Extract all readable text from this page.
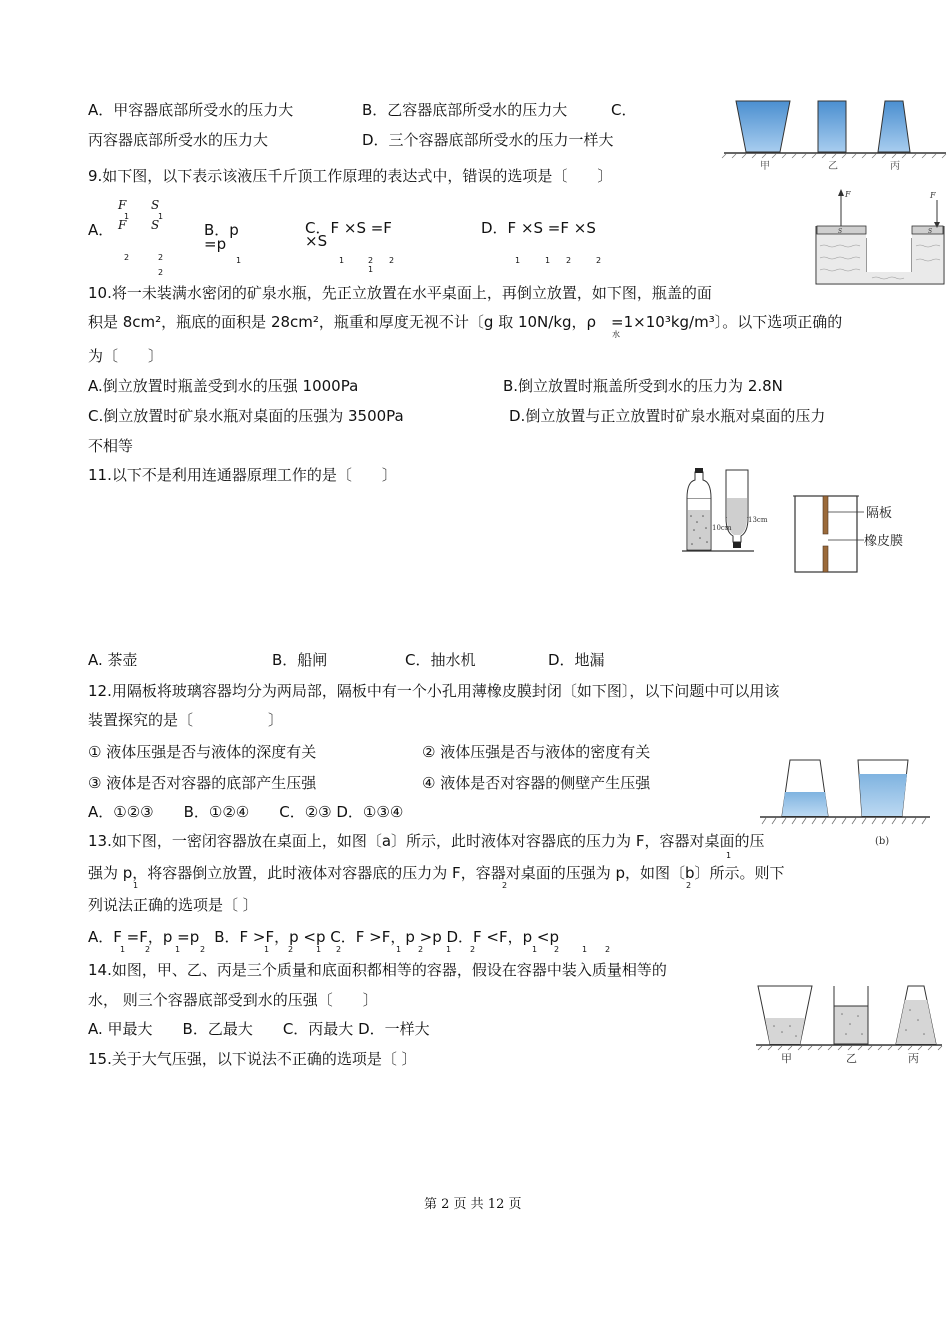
A．甲容器底部所受水的压力大	B．乙容器底部所受水的压力大	C．
丙容器底部所受水的压力大	D．三个容器底部所受水的压力一样大
甲	乙	丙
9.如下图，以下表示该液压千斤顶工作原理的表达式中，错误的选项是〔　　〕
F S
1	1
A． F S
2	2
2
B．p
=p
1
C．F ×S =F
×S
1	2
1
2
D．F ×S =F ×S
1	1 2	2
F	F
S	S
10.将一未装满水密闭的矿泉水瓶，先正立放置在水平桌面上，再倒立放置，如下图，瓶盖的面
积是 8cm²，瓶底的面积是 28cm²，瓶重和厚度无视不计〔g 取 10N/kg，ρ　=1×10³kg/m³〕。以下选项正确的
水
为〔　　〕
A.倒立放置时瓶盖受到水的压强 1000Pa	B.倒立放置时瓶盖所受到水的压力为 2.8N
C.倒立放置时矿泉水瓶对桌面的压强为 3500Pa	D.倒立放置与正立放置时矿泉水瓶对桌面的压力
不相等
11.以下不是利用连通器原理工作的是〔　　〕
10cm
13cm	隔板
橡皮膜
A. 茶壶	B．船闸	C．抽水机	D．地漏
12.用隔板将玻璃容器均分为两局部，隔板中有一个小孔用薄橡皮膜封闭〔如下图〕，以下问题中可以用该
装置探究的是〔　　　　　〕
① 液体压强是否与液体的深度有关	② 液体压强是否与液体的密度有关
③ 液体是否对容器的底部产生压强	④ 液体是否对容器的侧壁产生压强
A．①②③　　B．①②④　　C．②③ D．①③④
(b)
13.如下图，一密闭容器放在桌面上，如图〔a〕所示，此时液体对容器底的压力为 F，容器对桌面的压
1
强为 p，将容器倒立放置，此时液体对容器底的压力为 F，容器对桌面的压强为 p，如图〔b〕所示。则下
1	2	2
列说法正确的选项是〔 〕
A．F =F，p =p　B．F >F，p <p C．F >F，p >p D．F <F，p <p
1 2	1 2	1 2	1 2	1 2	1 2	1 2	1 2
14.如图，甲、乙、丙是三个质量和底面积都相等的容器，假设在容器中装入质量相等的
水， 则三个容器底部受到水的压强〔　　〕
A. 甲最大　　B．乙最大　　C．丙最大 D．一样大
甲	乙	丙
15.关于大气压强，以下说法不正确的选项是〔 〕
第 2 页 共 12 页
